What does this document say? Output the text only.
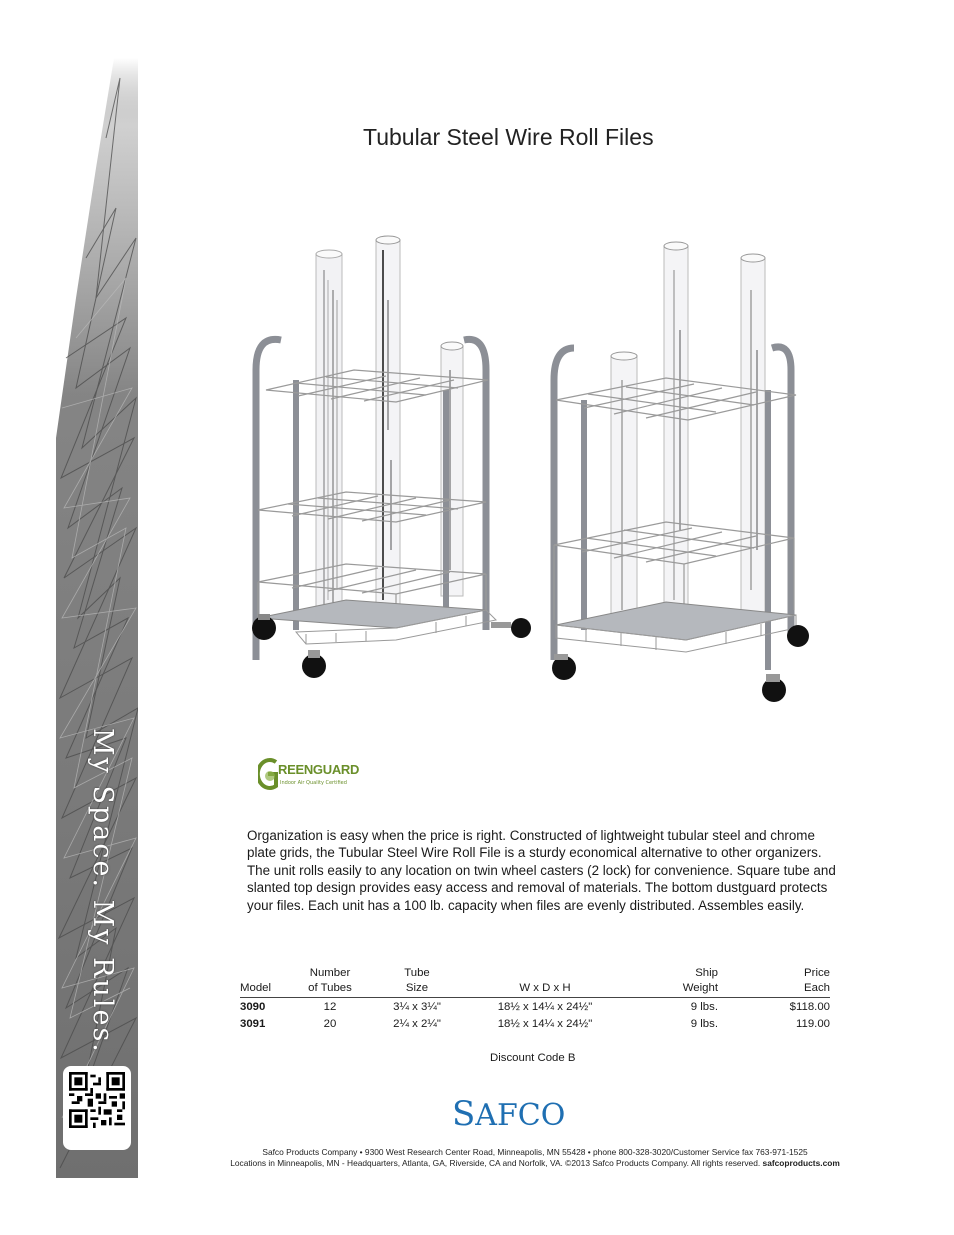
My Space. My Rules.
work happy
Tubular Steel Wire Roll Files
REENGUARD
Indoor Air Quality Certified
Organization is easy when the price is right. Constructed of lightweight tubular steel and chrome plate grids, the Tubular Steel Wire Roll File is a sturdy economical alternative to other organizers. The unit rolls easily to any location on twin wheel casters (2 lock) for convenience. Square tube and slanted top design provides easy access and removal of materials. The bottom dustguard protects your files. Each unit has a 100 lb. capacity when files are evenly distributed. Assembles easily.
	Number	Tube		Ship	Price
Model	of Tubes	Size	W x D x H	Weight	Each
3090	12	3¼ x 3¼"	18½ x 14¼ x 24½"	9 lbs.	$118.00
3091	20	2¼ x 2¼"	18½ x 14¼ x 24½"	9 lbs.	119.00
Discount Code B
SAFCO
Safco Products Company • 9300 West Research Center Road, Minneapolis, MN 55428 • phone 800-328-3020/Customer Service fax 763-971-1525
Locations in Minneapolis, MN - Headquarters, Atlanta, GA, Riverside, CA and Norfolk, VA. ©2013 Safco Products Company. All rights reserved. safcoproducts.com
